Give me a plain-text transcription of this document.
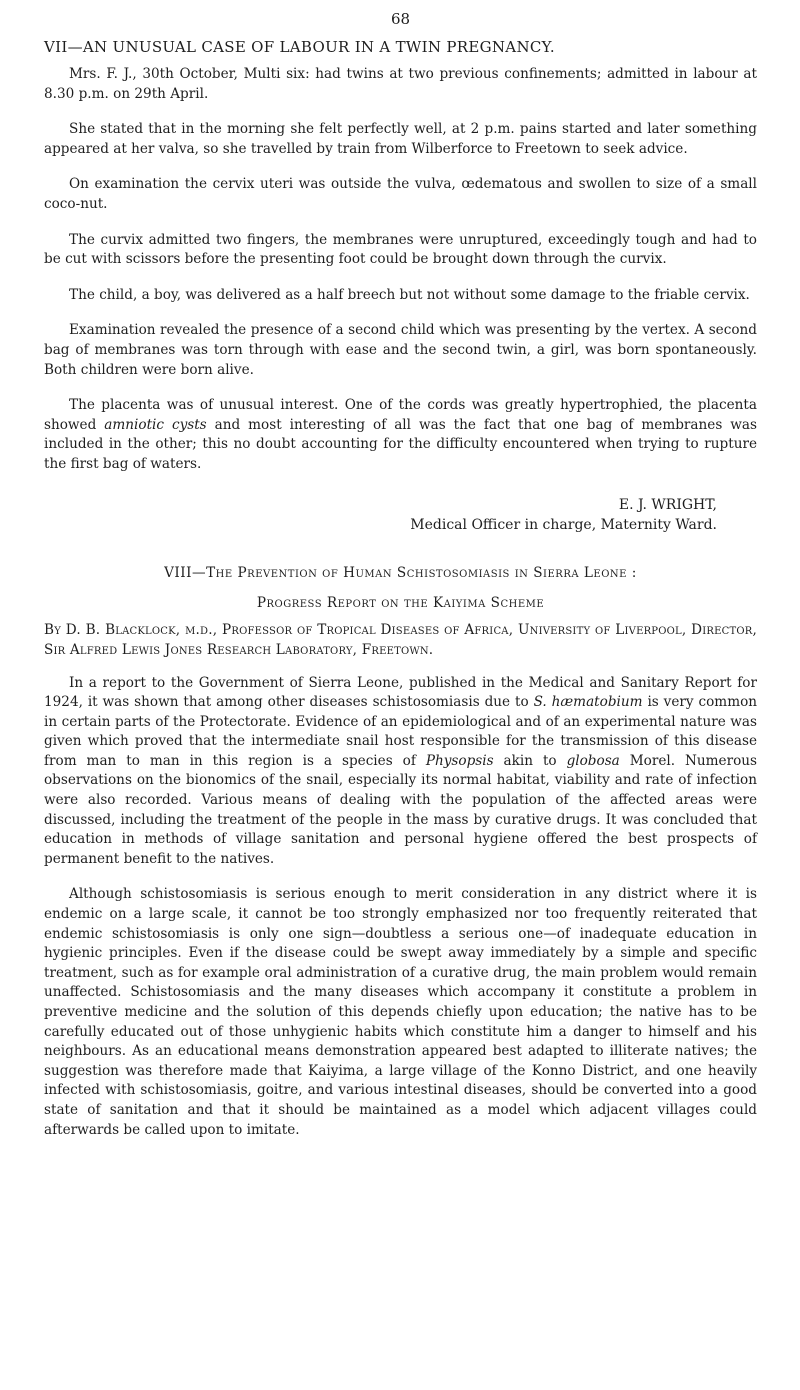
68
VII—AN UNUSUAL CASE OF LABOUR IN A TWIN PREGNANCY.

Mrs. F. J., 30th October, Multi six: had twins at two previous confinements; admitted in labour at 8.30 p.m. on 29th April.

She stated that in the morning she felt perfectly well, at 2 p.m. pains started and later something appeared at her valva, so she travelled by train from Wilberforce to Freetown to seek advice.

On examination the cervix uteri was outside the vulva, œdematous and swollen to size of a small coco-nut.

The curvix admitted two fingers, the membranes were unruptured, exceedingly tough and had to be cut with scissors before the presenting foot could be brought down through the curvix.

The child, a boy, was delivered as a half breech but not without some damage to the friable cervix.

Examination revealed the presence of a second child which was presenting by the vertex. A second bag of membranes was torn through with ease and the second twin, a girl, was born spontaneously. Both children were born alive.

The placenta was of unusual interest. One of the cords was greatly hypertrophied, the placenta showed amniotic cysts and most interesting of all was the fact that one bag of membranes was included in the other; this no doubt accounting for the difficulty encountered when trying to rupture the first bag of waters.

E. J. WRIGHT,
Medical Officer in charge, Maternity Ward.
VIII—The Prevention of Human Schistosomiasis in Sierra Leone :
Progress Report on the Kaiyima Scheme
By D. B. Blacklock, m.d., Professor of Tropical Diseases of Africa, University of Liverpool, Director, Sir Alfred Lewis Jones Research Laboratory, Freetown.

In a report to the Government of Sierra Leone, published in the Medical and Sanitary Report for 1924, it was shown that among other diseases schistosomiasis due to S. hæmatobium is very common in certain parts of the Protectorate. Evidence of an epidemiological and of an experimental nature was given which proved that the intermediate snail host responsible for the transmission of this disease from man to man in this region is a species of Physopsis akin to globosa Morel. Numerous observations on the bionomics of the snail, especially its normal habitat, viability and rate of infection were also recorded. Various means of dealing with the population of the affected areas were discussed, including the treatment of the people in the mass by curative drugs. It was concluded that education in methods of village sanitation and personal hygiene offered the best prospects of permanent benefit to the natives.

Although schistosomiasis is serious enough to merit consideration in any district where it is endemic on a large scale, it cannot be too strongly emphasized nor too frequently reiterated that endemic schistosomiasis is only one sign—doubtless a serious one—of inadequate education in hygienic principles. Even if the disease could be swept away immediately by a simple and specific treatment, such as for example oral administration of a curative drug, the main problem would remain unaffected. Schistosomiasis and the many diseases which accompany it constitute a problem in preventive medicine and the solution of this depends chiefly upon education; the native has to be carefully educated out of those unhygienic habits which constitute him a danger to himself and his neighbours. As an educational means demonstration appeared best adapted to illiterate natives; the suggestion was therefore made that Kaiyima, a large village of the Konno District, and one heavily infected with schistosomiasis, goitre, and various intestinal diseases, should be converted into a good state of sanitation and that it should be maintained as a model which adjacent villages could afterwards be called upon to imitate.
